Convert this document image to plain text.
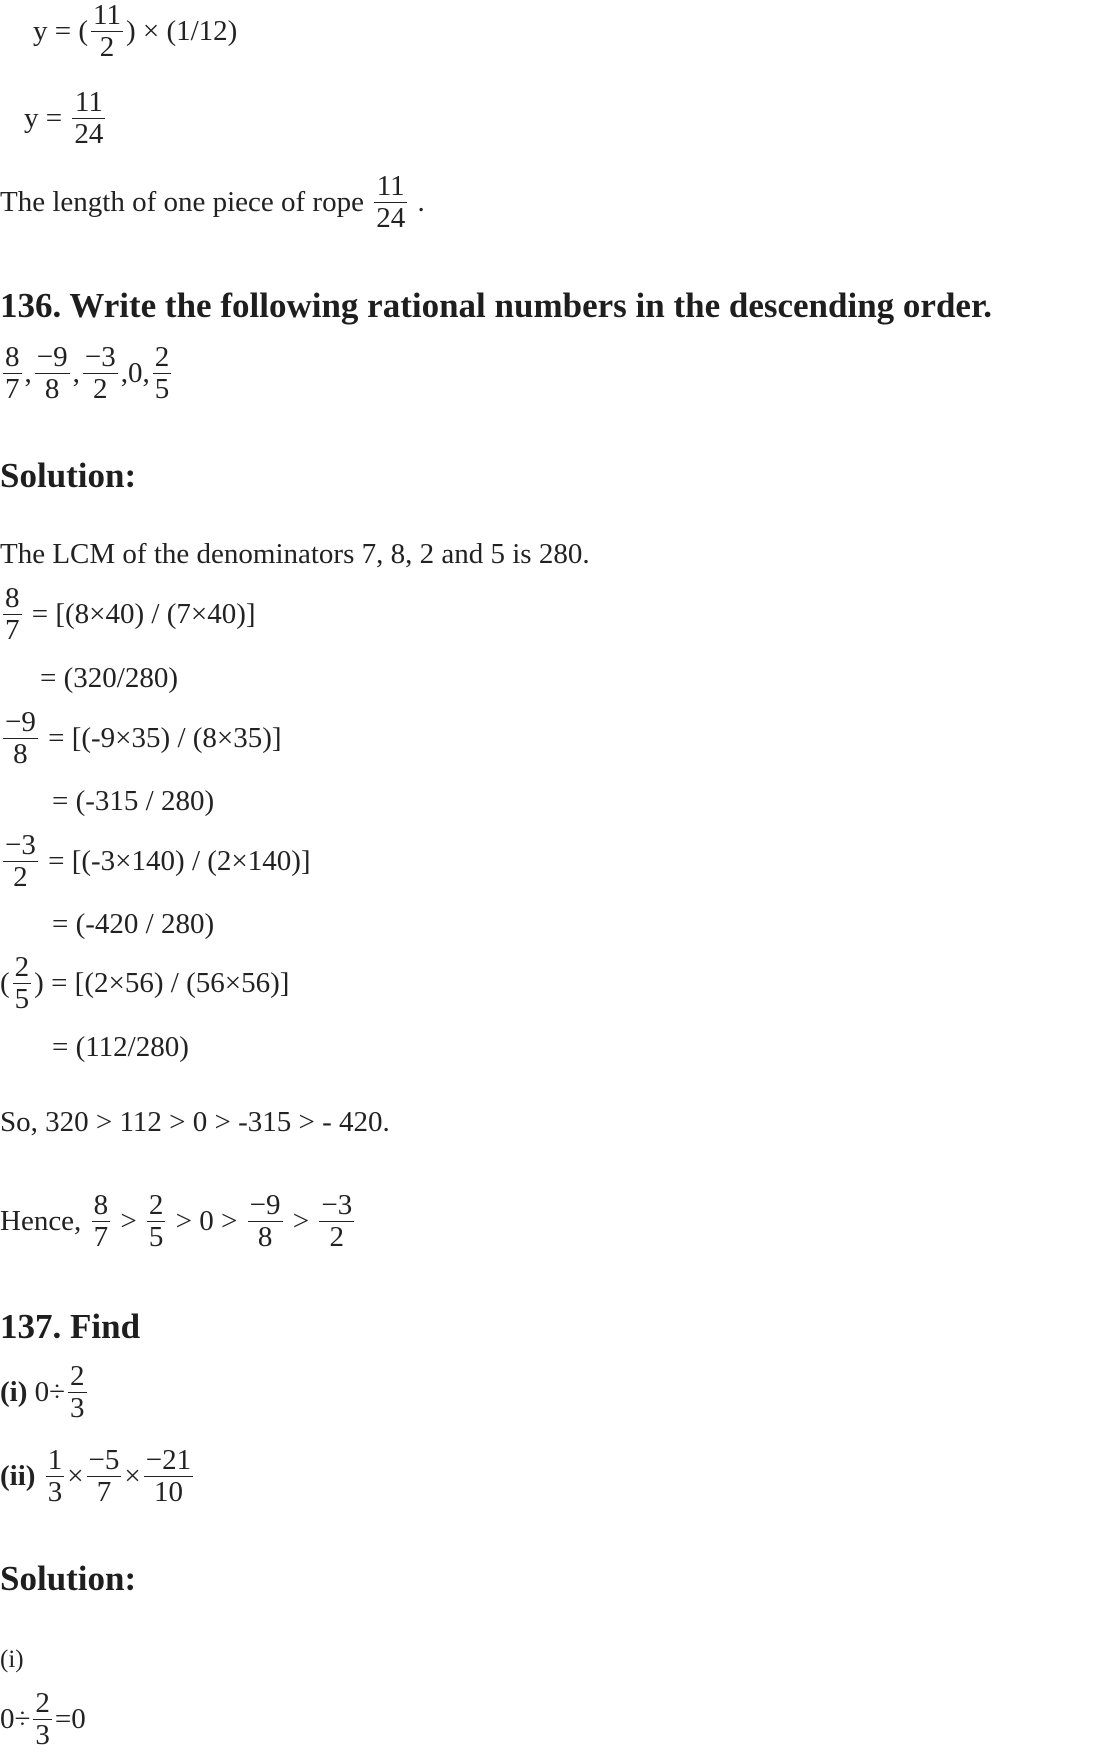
y = ( $\frac{11}{2}$ ) × (1/12)
$y = \frac{11}{24}$
The length of one piece of rope $\frac{11}{24}$ .
136. Write the following rational numbers in the descending order.
$\frac{8}{7}$ , $\frac{-9}{8}$ , $\frac{-3}{2} ,0$, $\frac{2}{5}$
Solution:
The LCM of the denominators 7, 8, 2 and 5 is 280.
$\frac{8}{7} = [(8\times 40) / (7\times 40)]$
= (320/280)
$\frac{-9}{8} = [(-9\times 35) / (8\times 35)]$
= (-315 / 280)
$\frac{-3}{2} = [(-3\times 140) / (2\times 140)]$
= (-420 / 280)
( $\frac{2}{5}$ ) = [(2×56) / (56×56)]
= (112/280)
So, 320 > 112 > 0 > -315 > - 420.
Hence, $\frac{8}{7} > \frac{2}{5} > 0 > \frac{-9}{8} > \frac{-3}{2}$
137. Find
(i) $0\div \frac{2}{3}$
(ii)
$\frac{1}{3} \times \frac{-5}{7} \times \frac{-21}{10}$
Solution:
(i)
$0\div \frac{2}{3} =0$
